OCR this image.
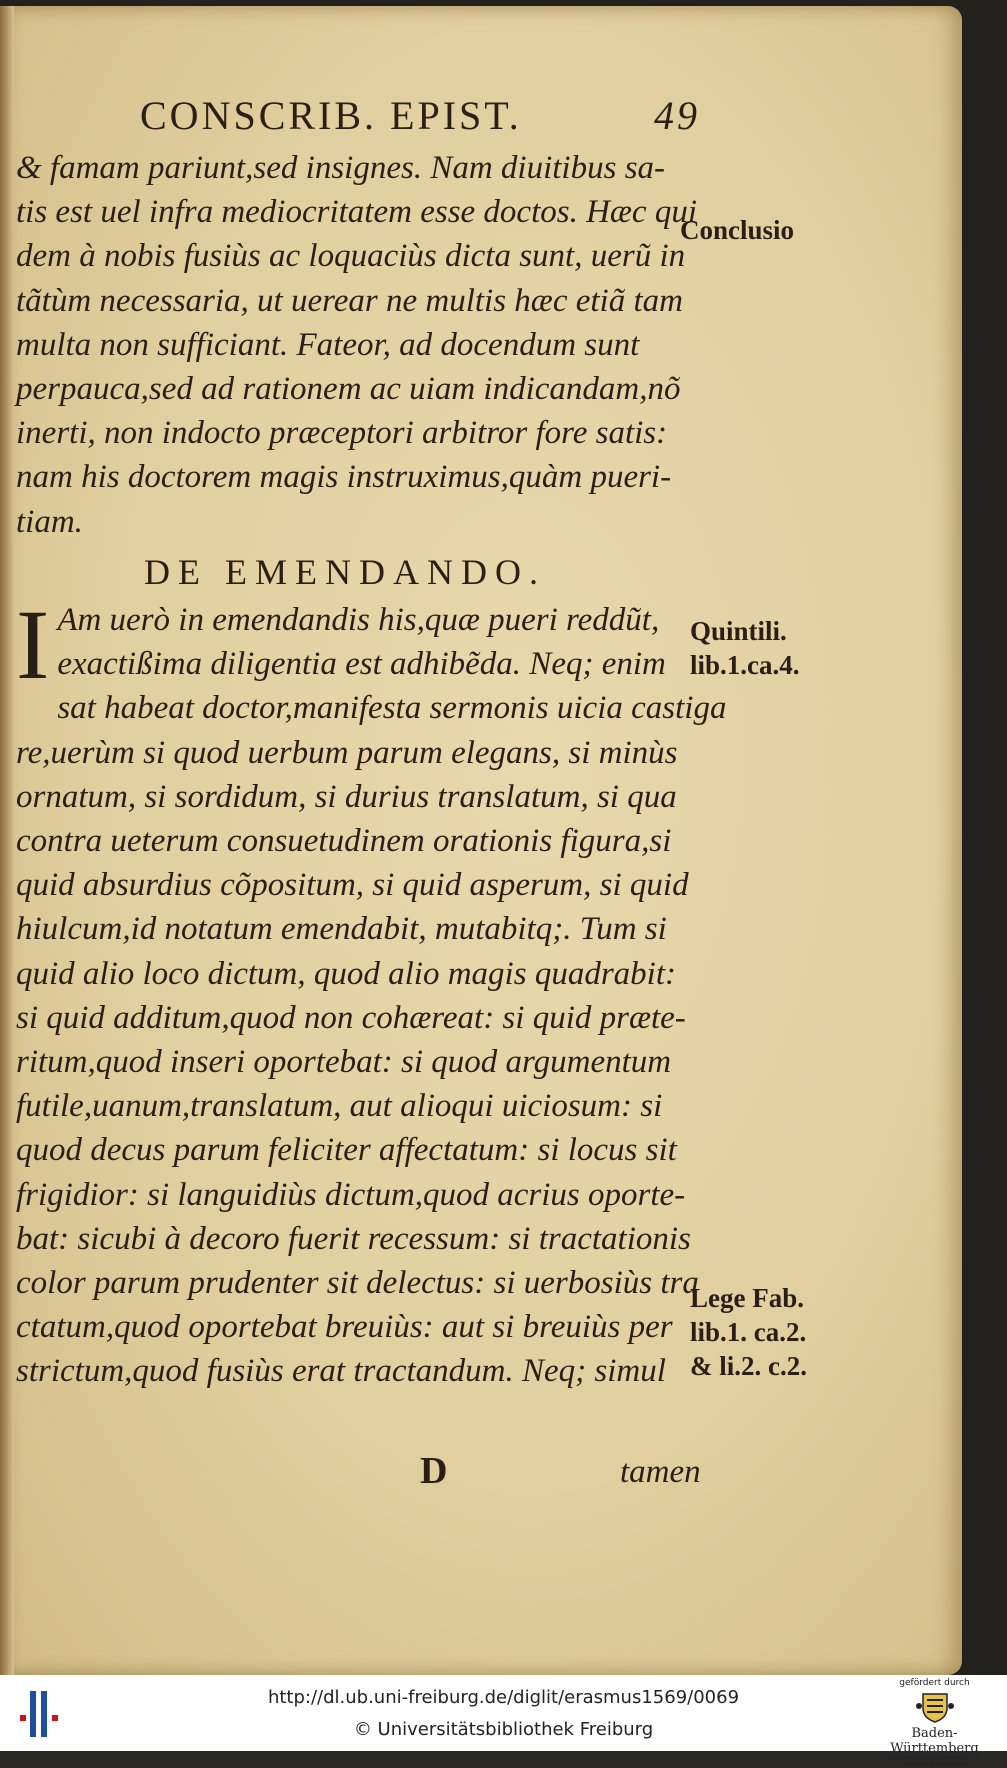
CONSCRIB. EPIST.	49
& famam pariunt,sed insignes. Nam diuitibus sa-
tis est uel infra mediocritatem esse doctos. Hæc qui
dem à nobis fusiùs ac loquaciùs dicta sunt, uerũ in
tãtùm necessaria, ut uerear ne multis hæc etiã tam
multa non sufficiant. Fateor, ad docendum sunt
perpauca,sed ad rationem ac uiam indicandam,nõ
inerti, non indocto præceptori arbitror fore satis:
nam his doctorem magis instruximus,quàm pueri-
tiam.
DE EMENDANDO.
I Am uerò in emendandis his,quæ pueri reddũt,
exactißima diligentia est adhibẽda. Neq; enim
sat habeat doctor,manifesta sermonis uicia castiga
re,uerùm si quod uerbum parum elegans, si minùs
ornatum, si sordidum, si durius translatum, si qua
contra ueterum consuetudinem orationis figura,si
quid absurdius cõpositum, si quid asperum, si quid
hiulcum,id notatum emendabit, mutabitq;. Tum si
quid alio loco dictum, quod alio magis quadrabit:
si quid additum,quod non cohæreat: si quid præte-
ritum,quod inseri oportebat: si quod argumentum
futile,uanum,translatum, aut alioqui uiciosum: si
quod decus parum feliciter affectatum: si locus sit
frigidior: si languidiùs dictum,quod acrius oporte-
bat: sicubi à decoro fuerit recessum: si tractationis
color parum prudenter sit delectus: si uerbosiùs tra
ctatum,quod oportebat breuiùs: aut si breuiùs per
strictum,quod fusiùs erat tractandum. Neq; simul
Conclusio
Quintili.
lib.1.ca.4.
Lege Fab.
lib.1. ca.2.
& li.2. c.2.
D	tamen
http://dl.ub.uni-freiburg.de/diglit/erasmus1569/0069
© Universitätsbibliothek Freiburg
gefördert durch
Baden-Württemberg
MINISTERIUM FÜR WISSENSCHAFT, FORSCHUNG UND KUNST
